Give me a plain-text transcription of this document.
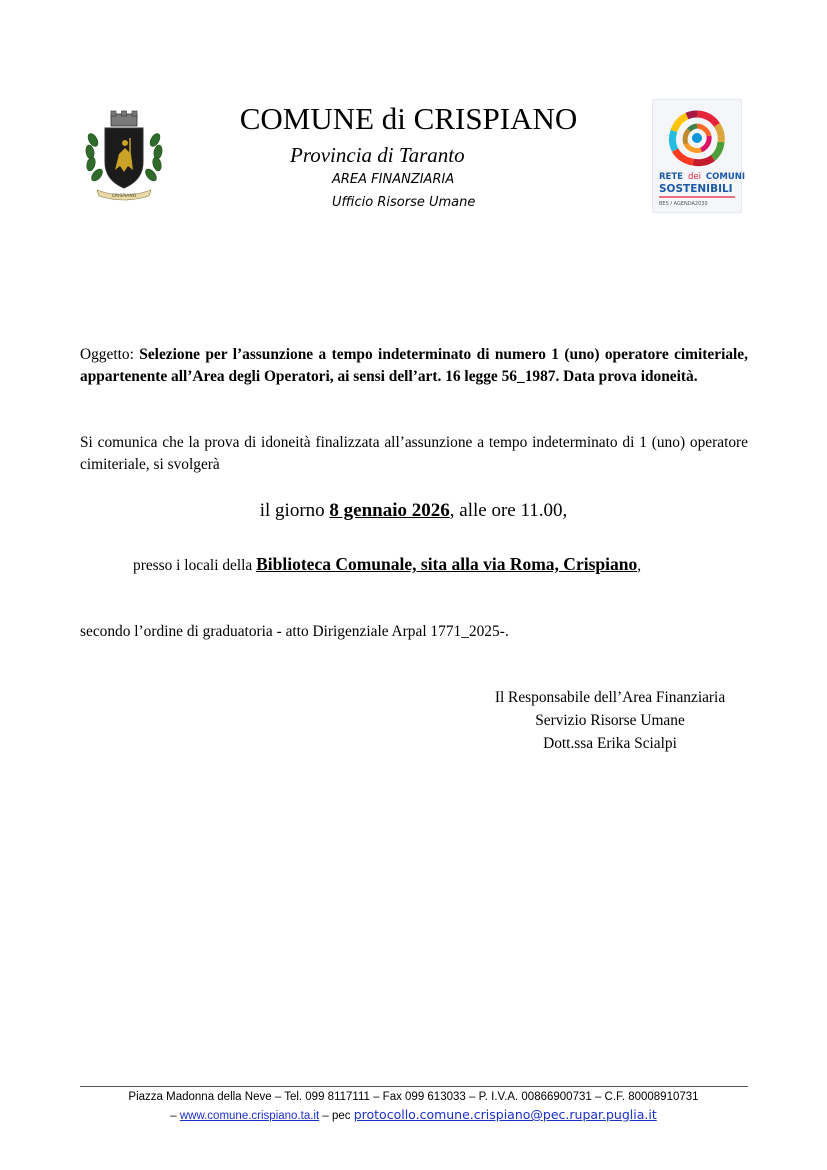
CRISPIANO
COMUNE di CRISPIANO
Provincia di Taranto
AREA FINANZIARIA
Ufficio Risorse Umane
RETE dei COMUNI
SOSTENIBILI
BES / AGENDA2030
Oggetto: Selezione per l’assunzione a tempo indeterminato di numero 1 (uno) operatore cimiteriale, appartenente all’Area degli Operatori, ai sensi dell’art. 16 legge 56_1987. Data prova idoneità.
Si comunica che la prova di idoneità finalizzata all’assunzione a tempo indeterminato di 1 (uno) operatore cimiteriale, si svolgerà
il giorno 8 gennaio 2026, alle ore 11.00,
presso i locali della Biblioteca Comunale, sita alla via Roma, Crispiano,
secondo l’ordine di graduatoria - atto Dirigenziale Arpal 1771_2025-.
Il Responsabile dell’Area Finanziaria
Servizio Risorse Umane
Dott.ssa Erika Scialpi
Piazza Madonna della Neve – Tel. 099 8117111 – Fax 099 613033 – P. I.V.A. 00866900731 – C.F. 80008910731
– www.comune.crispiano.ta.it – pec protocollo.comune.crispiano@pec.rupar.puglia.it
